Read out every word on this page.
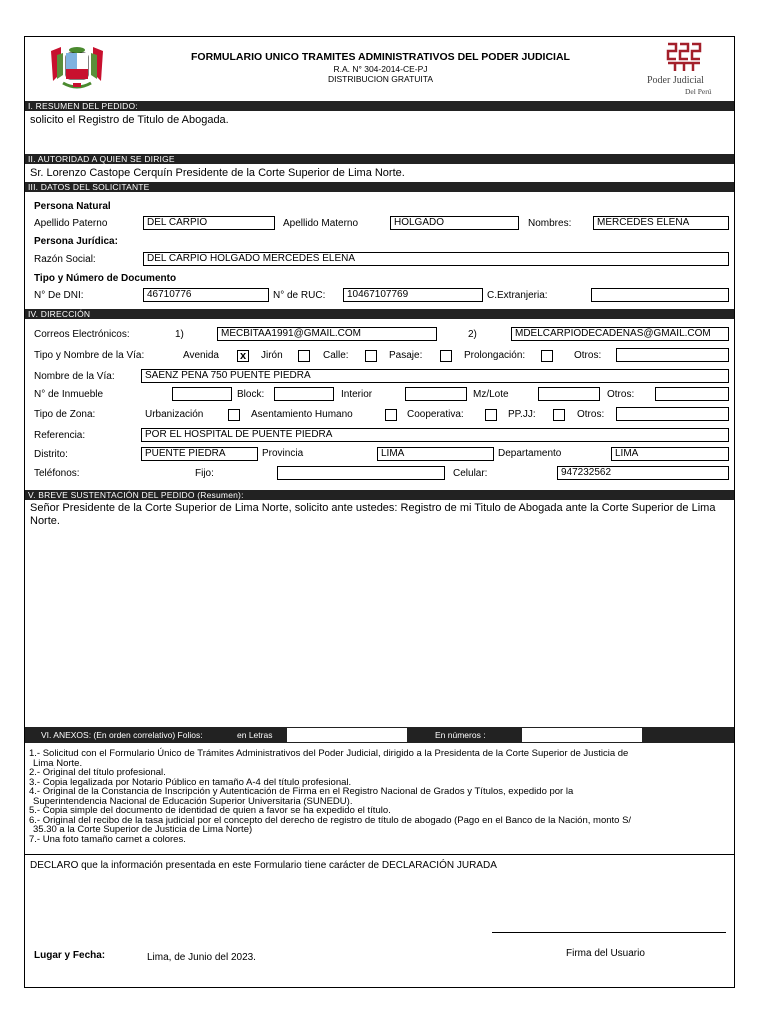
FORMULARIO UNICO TRAMITES ADMINISTRATIVOS DEL PODER JUDICIAL
R.A. N° 304-2014-CE-PJ
DISTRIBUCION GRATUITA	Poder Judicial
Del Perú
I. RESUMEN DEL PEDIDO:
solicito el Registro de Titulo de Abogada.
II. AUTORIDAD A QUIEN SE DIRIGE
Sr. Lorenzo Castope Cerquín Presidente de la Corte Superior de Lima Norte.
III. DATOS DEL SOLICITANTE
Persona Natural
Apellido Paterno	DEL CARPIO	Apellido Materno	HOLGADO	Nombres:	MERCEDES ELENA
Persona Jurídica:
Razón Social:	DEL CARPIO HOLGADO MERCEDES ELENA
Tipo y Número de Documento
N° De DNI:	46710776	N° de RUC:	10467107769	C.Extranjeria:
IV. DIRECCIÓN
Correos Electrónicos:	1)	MECBITAA1991@GMAIL.COM	2)	MDELCARPIODECADENAS@GMAIL.COM
Tipo y Nombre de la Vía:	Avenida x Jirón	Calle:	Pasaje:	Prolongación:	Otros:
Nombre de la Vía:	SAENZ PEÑA 750 PUENTE PIEDRA
N° de Inmueble	Block:	Interior	Mz/Lote	Otros:
Tipo de Zona:	Urbanización	Asentamiento Humano	Cooperativa:	PP.JJ:	Otros:
Referencia:	POR EL HOSPITAL DE PUENTE PIEDRA
Distrito:	PUENTE PIEDRA	Provincia	LIMA	Departamento	LIMA
Teléfonos:	Fijo:	Celular:	947232562
V. BREVE SUSTENTACIÓN DEL PEDIDO (Resumen):
Señor Presidente de la Corte Superior de Lima Norte, solicito ante ustedes: Registro de mi Titulo de Abogada ante la Corte Superior de Lima Norte.
VI. ANEXOS: (En orden correlativo) Folios:	en Letras	En números :
1.- Solicitud con el Formulario Único de Trámites Administrativos del Poder Judicial, dirigido a la Presidenta de la Corte Superior de Justicia de
Lima Norte.
2.- Original del título profesional.
3.- Copia legalizada por Notario Público en tamaño A-4 del título profesional.
4.- Original de la Constancia de Inscripción y Autenticación de Firma en el Registro Nacional de Grados y Títulos, expedido por la
Superintendencia Nacional de Educación Superior Universitaria (SUNEDU).
5.- Copia simple del documento de identidad de quien a favor se ha expedido el título.
6.- Original del recibo de la tasa judicial por el concepto del derecho de registro de título de abogado (Pago en el Banco de la Nación, monto S/
35.30 a la Corte Superior de Justicia de Lima Norte)
7.- Una foto tamaño carnet a colores.
DECLARO que la información presentada en este Formulario tiene carácter de DECLARACIÓN JURADA
Firma del Usuario
Lugar y Fecha:	Lima, de Junio del 2023.
